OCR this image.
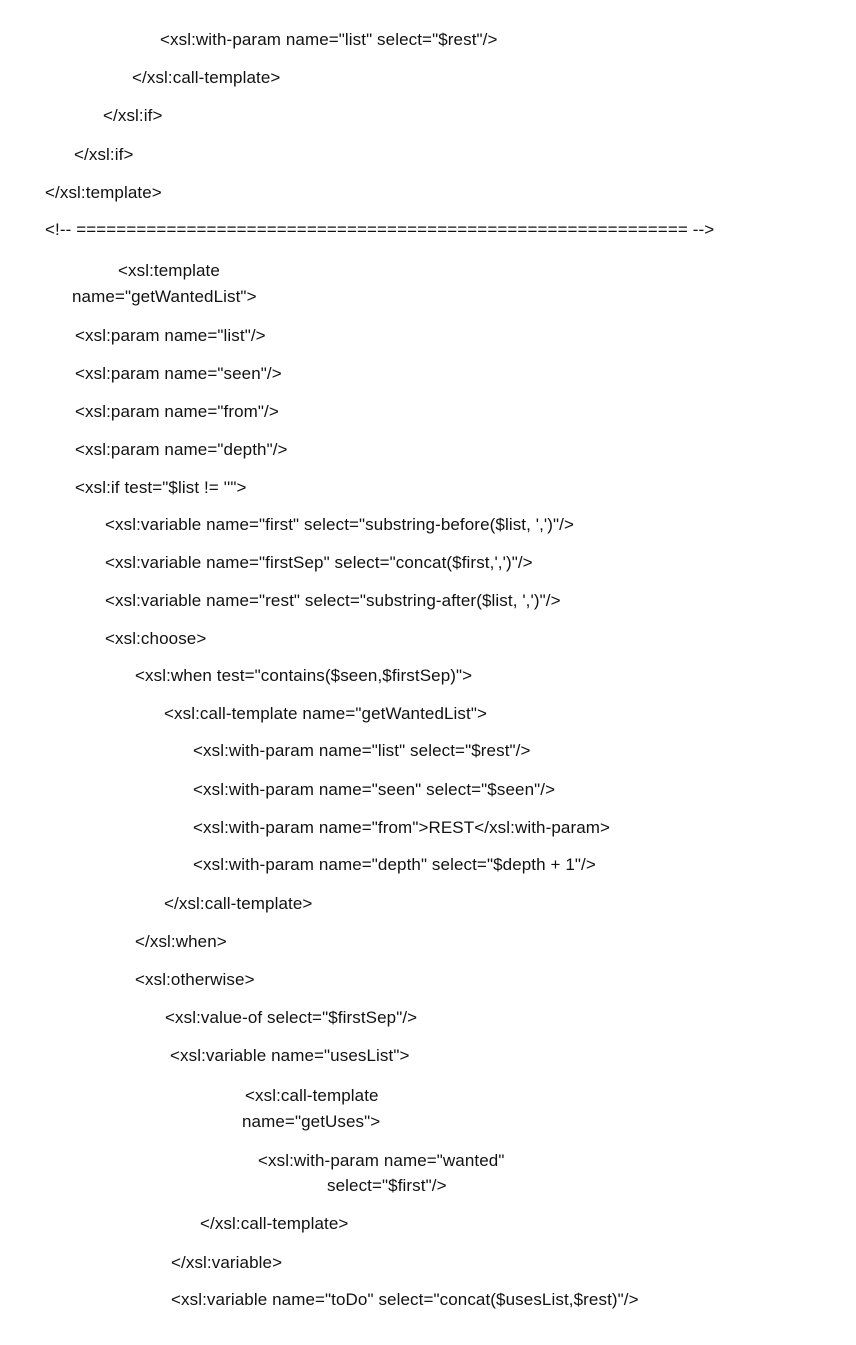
<xsl:with-param name="list" select="$rest"/>
</xsl:call-template>
</xsl:if>
</xsl:if>
</xsl:template>
<!-- ============================================================= -->
<xsl:template
name="getWantedList">
<xsl:param name="list"/>
<xsl:param name="seen"/>
<xsl:param name="from"/>
<xsl:param name="depth"/>
<xsl:if test="$list != ''">
<xsl:variable name="first" select="substring-before($list, ',')"/>
<xsl:variable name="firstSep" select="concat($first,',')"/>
<xsl:variable name="rest" select="substring-after($list, ',')"/>
<xsl:choose>
<xsl:when test="contains($seen,$firstSep)">
<xsl:call-template name="getWantedList">
<xsl:with-param name="list" select="$rest"/>
<xsl:with-param name="seen" select="$seen"/>
<xsl:with-param name="from">REST</xsl:with-param>
<xsl:with-param name="depth" select="$depth + 1"/>
</xsl:call-template>
</xsl:when>
<xsl:otherwise>
<xsl:value-of select="$firstSep"/>
<xsl:variable name="usesList">
<xsl:call-template
name="getUses">
<xsl:with-param name="wanted"
select="$first"/>
</xsl:call-template>
</xsl:variable>
<xsl:variable name="toDo" select="concat($usesList,$rest)"/>
